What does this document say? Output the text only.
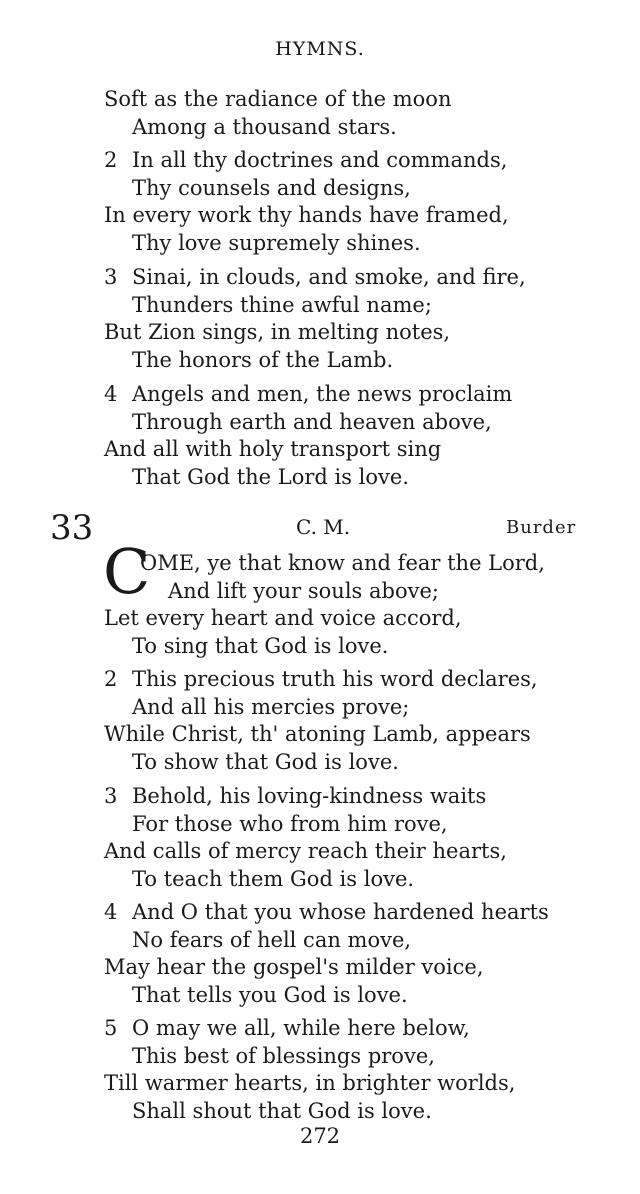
HYMNS.
Soft as the radiance of the moon
Among a thousand stars.
2 In all thy doctrines and commands,
Thy counsels and designs,
In every work thy hands have framed,
Thy love supremely shines.
3 Sinai, in clouds, and smoke, and fire,
Thunders thine awful name;
But Zion sings, in melting notes,
The honors of the Lamb.
4 Angels and men, the news proclaim
Through earth and heaven above,
And all with holy transport sing
That God the Lord is love.
33	C. M.	Burder
C
OME, ye that know and fear the Lord,
And lift your souls above;
Let every heart and voice accord,
To sing that God is love.
2 This precious truth his word declares,
And all his mercies prove;
While Christ, th' atoning Lamb, appears
To show that God is love.
3 Behold, his loving-kindness waits
For those who from him rove,
And calls of mercy reach their hearts,
To teach them God is love.
4 And O that you whose hardened hearts
No fears of hell can move,
May hear the gospel's milder voice,
That tells you God is love.
5 O may we all, while here below,
This best of blessings prove,
Till warmer hearts, in brighter worlds,
Shall shout that God is love.
272
